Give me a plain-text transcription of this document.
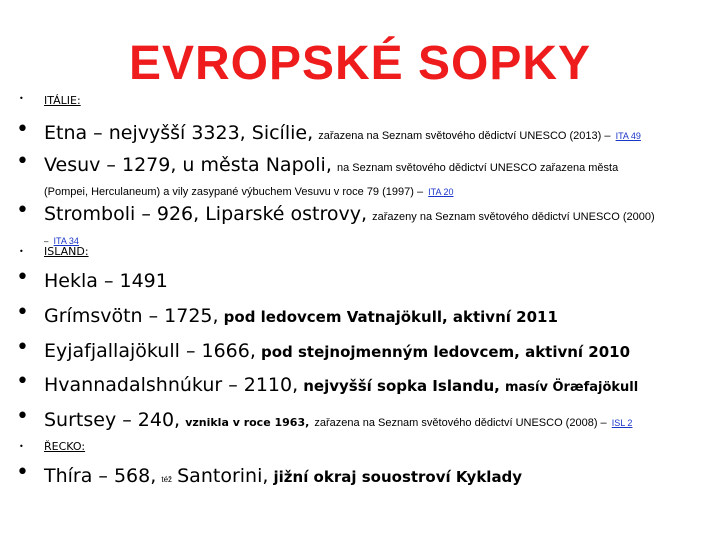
EVROPSKÉ SOPKY
• ITÁLIE:
• Etna – nejvyšší 3323, Sicílie, zařazena na Seznam světového dědictví UNESCO (2013) – ITA 49
• Vesuv – 1279, u města Napoli, na Seznam světového dědictví UNESCO zařazena města
(Pompei, Herculaneum) a vily zasypané výbuchem Vesuvu v roce 79 (1997) – ITA 20
• Stromboli – 926, Liparské ostrovy, zařazeny na Seznam světového dědictví UNESCO (2000)
– ITA 34
• ISLAND:
• Hekla – 1491
• Grímsvötn – 1725, pod ledovcem Vatnajökull, aktivní 2011
• Eyjafjallajökull – 1666, pod stejnojmenným ledovcem, aktivní 2010
• Hvannadalshnúkur – 2110, nejvyšší sopka Islandu, masív Öræfajökull
• Surtsey – 240, vznikla v roce 1963, zařazena na Seznam světového dědictví UNESCO (2008) – ISL 2
• ŘECKO:
• Thíra – 568, též Santorini, jižní okraj souostroví Kyklady
